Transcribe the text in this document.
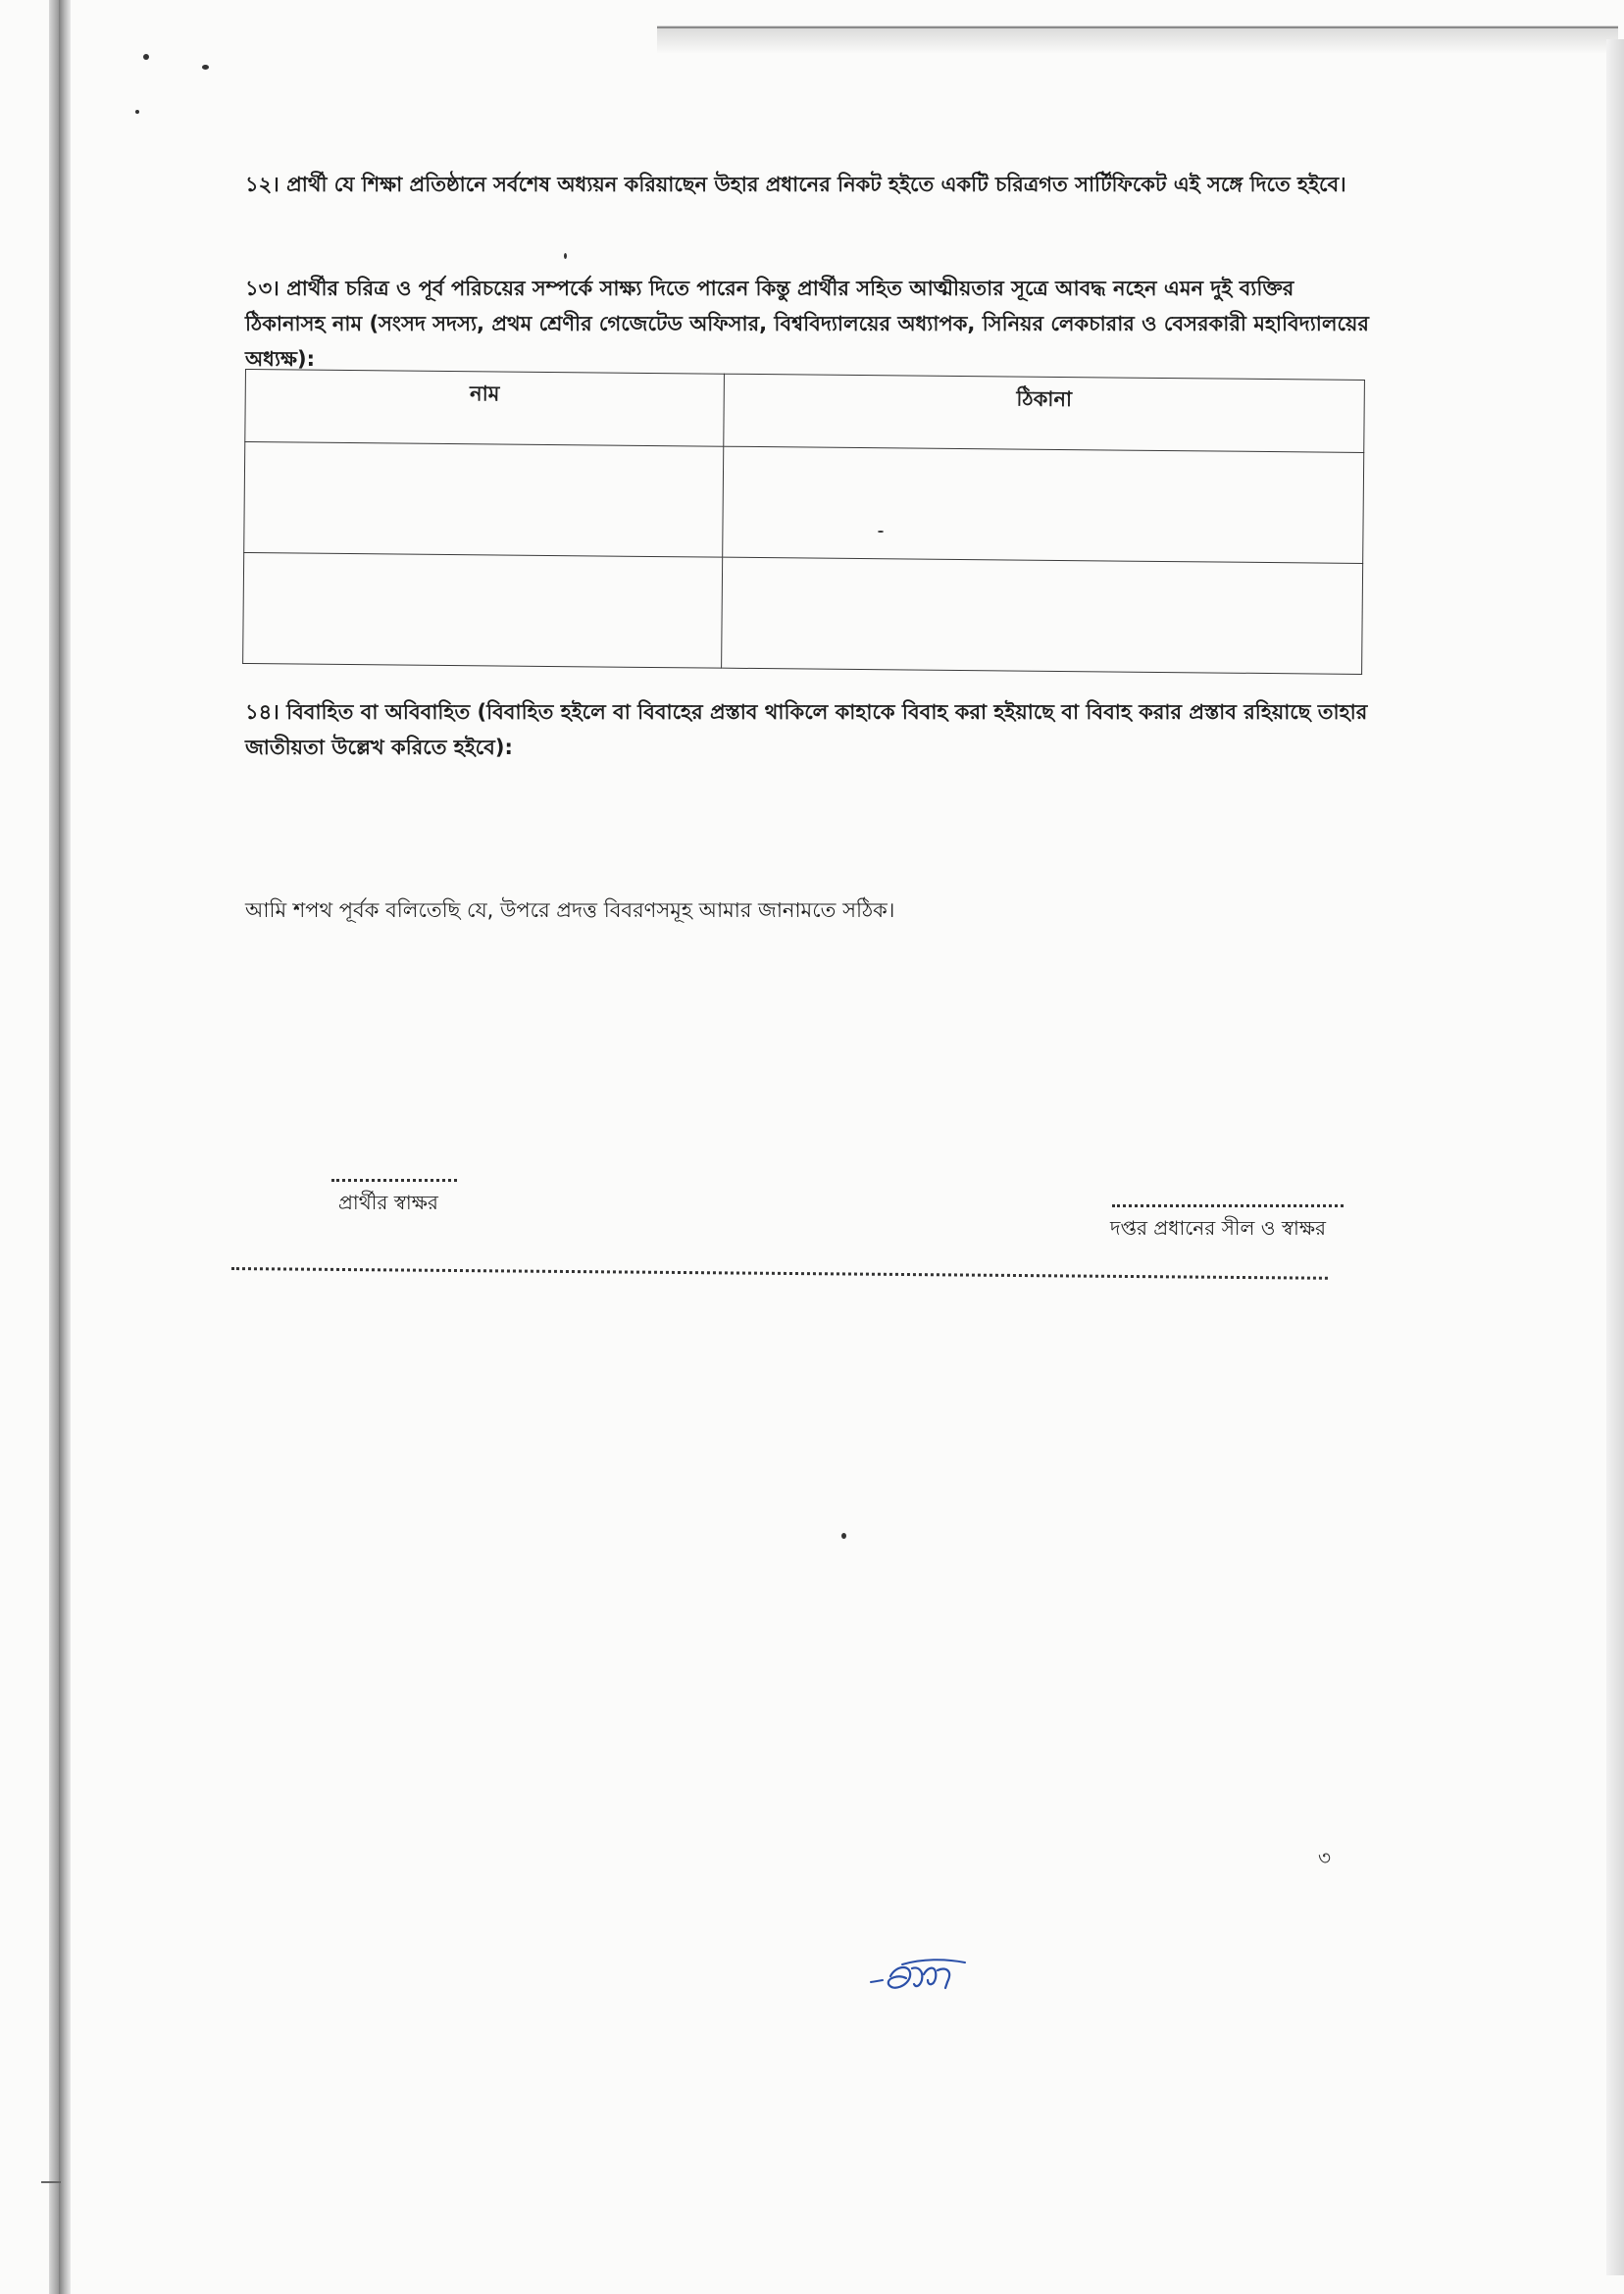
১২। প্রার্থী যে শিক্ষা প্রতিষ্ঠানে সর্বশেষ অধ্যয়ন করিয়াছেন উহার প্রধানের নিকট হইতে একটি চরিত্রগত সার্টিফিকেট এই সঙ্গে দিতে হইবে।

১৩। প্রার্থীর চরিত্র ও পূর্ব পরিচয়ের সম্পর্কে সাক্ষ্য দিতে পারেন কিন্তু প্রার্থীর সহিত আত্মীয়তার সূত্রে আবদ্ধ নহেন এমন দুই ব্যক্তির ঠিকানাসহ নাম (সংসদ সদস্য, প্রথম শ্রেণীর গেজেটেড অফিসার, বিশ্ববিদ্যালয়ের অধ্যাপক, সিনিয়র লেকচারার ও বেসরকারী মহাবিদ্যালয়ের অধ্যক্ষ):

নাম	ঠিকানা

১৪। বিবাহিত বা অবিবাহিত (বিবাহিত হইলে বা বিবাহের প্রস্তাব থাকিলে কাহাকে বিবাহ করা হইয়াছে বা বিবাহ করার প্রস্তাব রহিয়াছে তাহার জাতীয়তা উল্লেখ করিতে হইবে):

আমি শপথ পূর্বক বলিতেছি যে, উপরে প্রদত্ত বিবরণসমূহ আমার জানামতে সঠিক।

প্রার্থীর স্বাক্ষর
দপ্তর প্রধানের সীল ও স্বাক্ষর
৩
